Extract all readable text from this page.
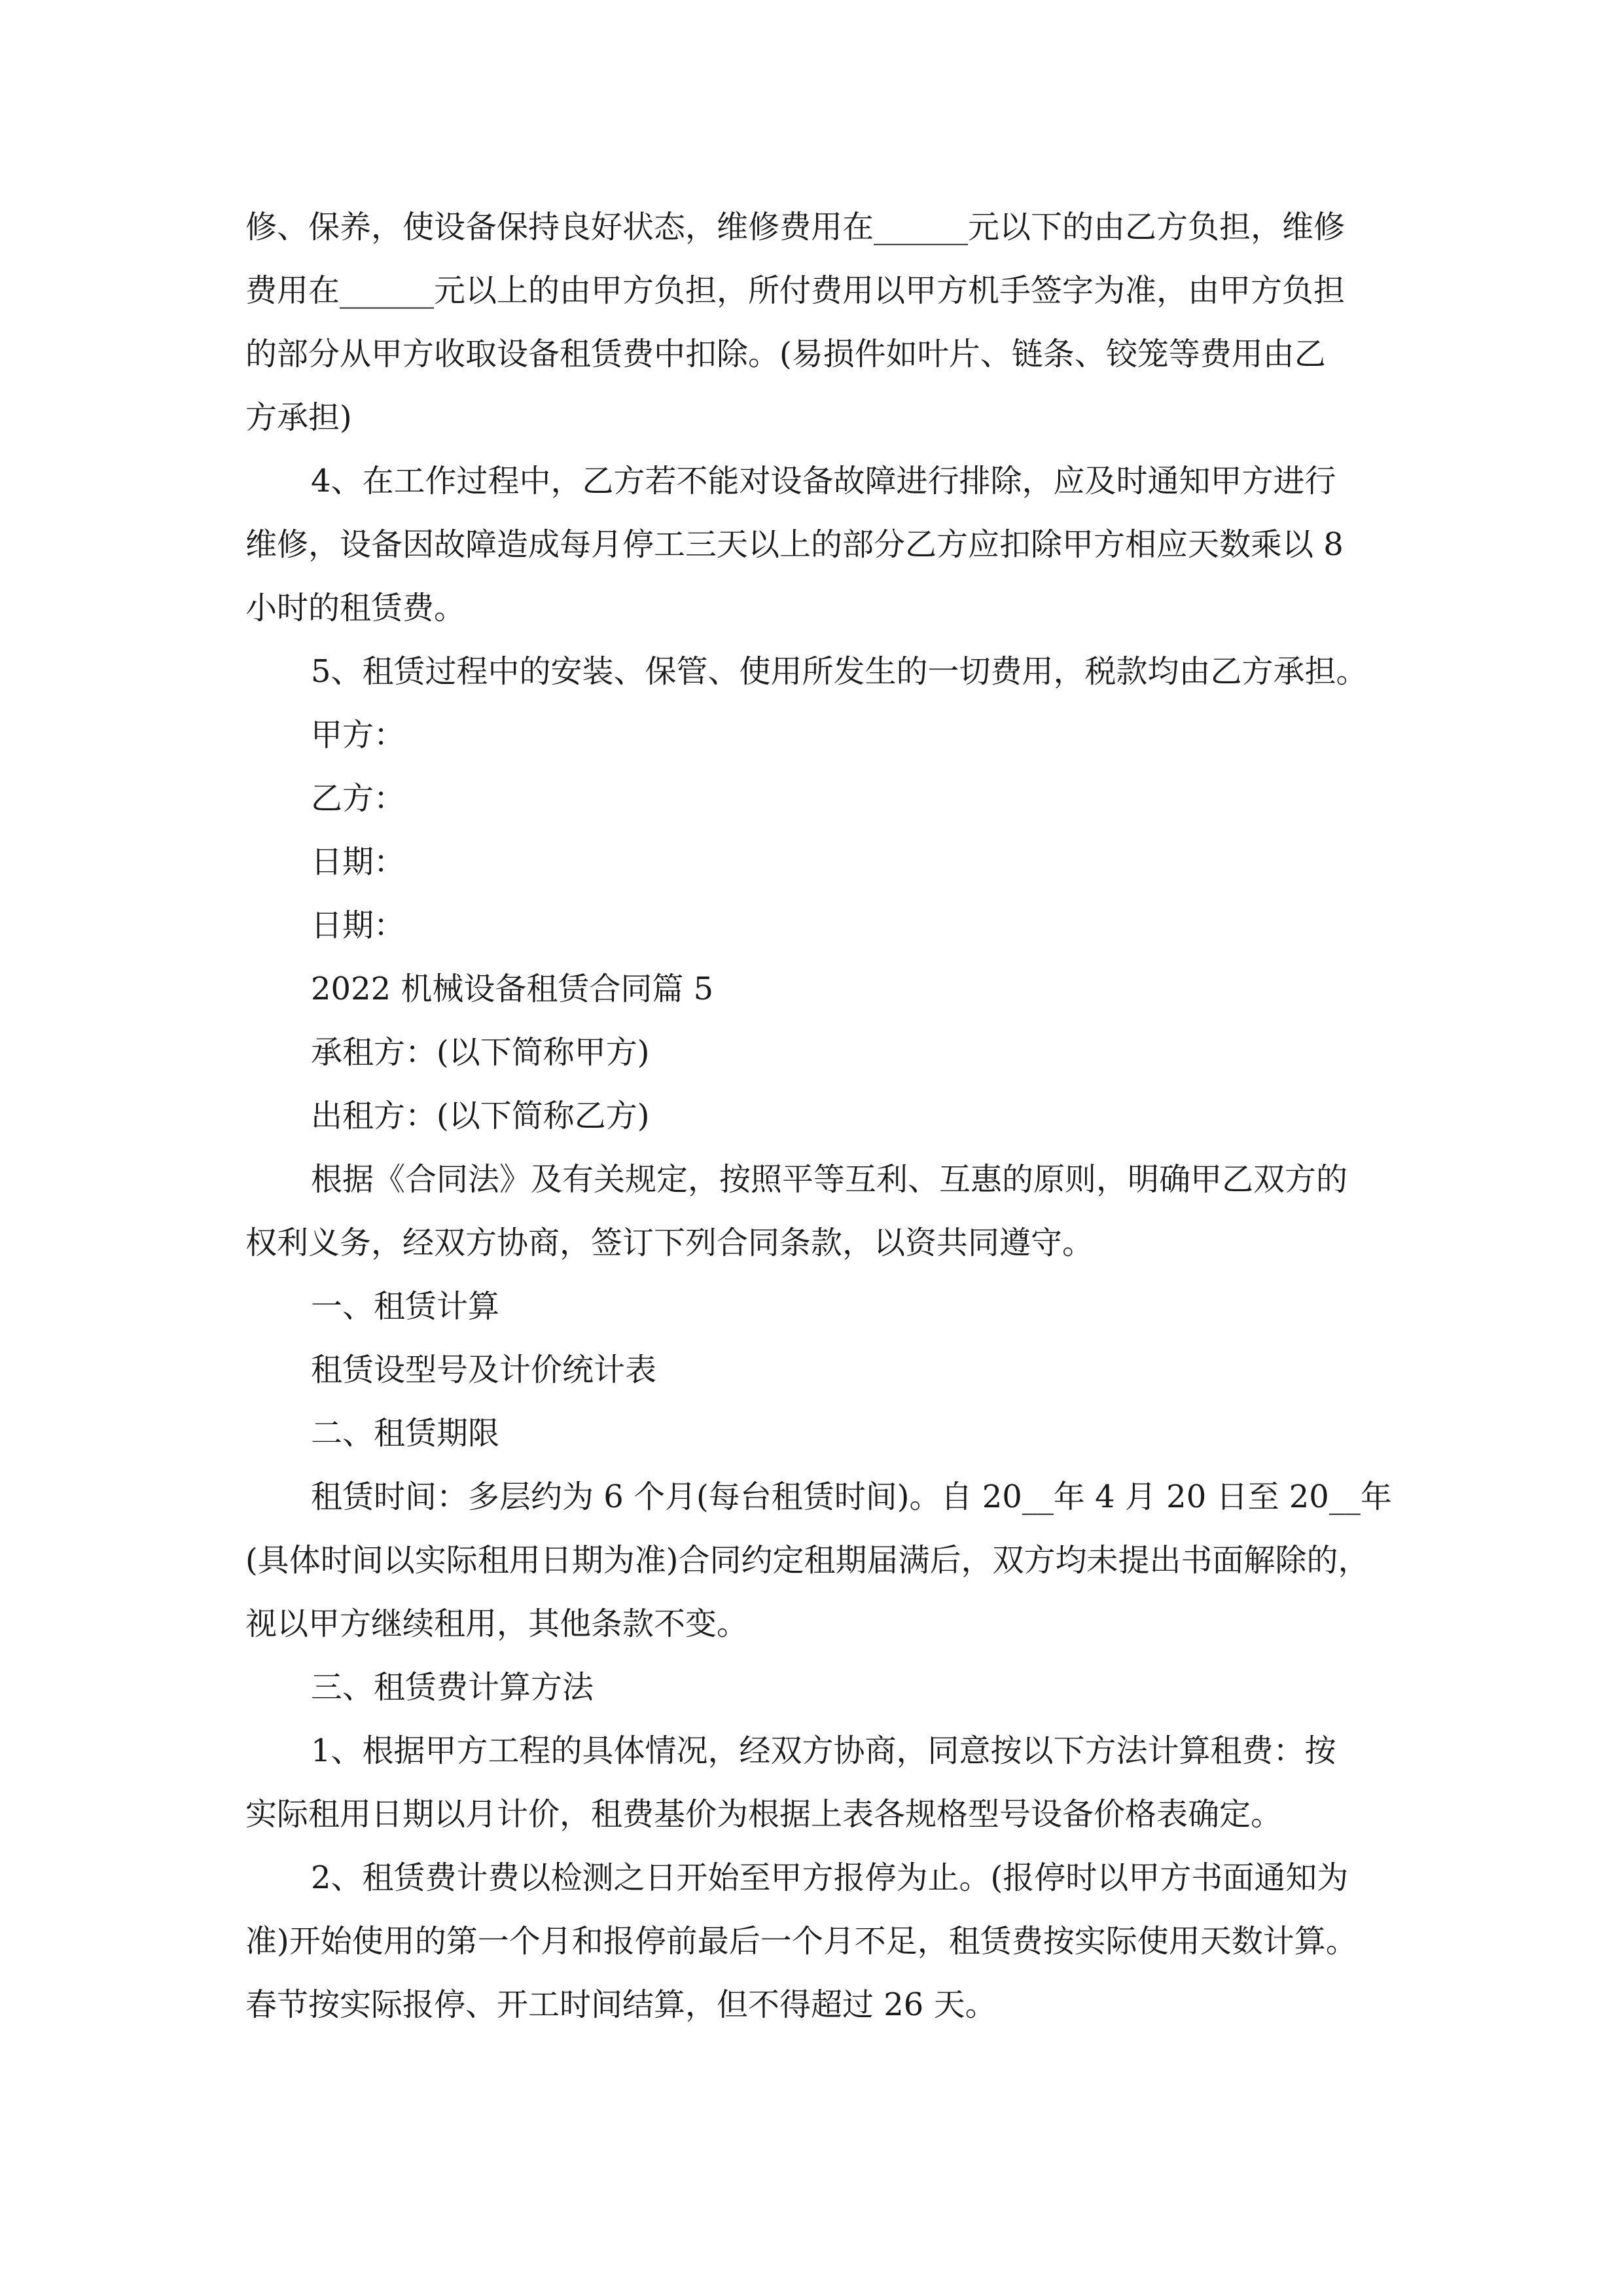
修、保养，使设备保持良好状态，维修费用在______元以下的由乙方负担，维修
费用在______元以上的由甲方负担，所付费用以甲方机手签字为准，由甲方负担
的部分从甲方收取设备租赁费中扣除。(易损件如叶片、链条、铰笼等费用由乙
方承担)
4、在工作过程中，乙方若不能对设备故障进行排除，应及时通知甲方进行
维修，设备因故障造成每月停工三天以上的部分乙方应扣除甲方相应天数乘以 8
小时的租赁费。
5、租赁过程中的安装、保管、使用所发生的一切费用，税款均由乙方承担。
甲方：
乙方：
日期：
日期：
2022 机械设备租赁合同篇 5
承租方：(以下简称甲方)
出租方：(以下简称乙方)
根据《合同法》及有关规定，按照平等互利、互惠的原则，明确甲乙双方的
权利义务，经双方协商，签订下列合同条款，以资共同遵守。
一、租赁计算
租赁设型号及计价统计表
二、租赁期限
租赁时间：多层约为 6 个月(每台租赁时间)。自 20__年 4 月 20 日至 20__年
(具体时间以实际租用日期为准)合同约定租期届满后，双方均未提出书面解除的，
视以甲方继续租用，其他条款不变。
三、租赁费计算方法
1、根据甲方工程的具体情况，经双方协商，同意按以下方法计算租费：按
实际租用日期以月计价，租费基价为根据上表各规格型号设备价格表确定。
2、租赁费计费以检测之日开始至甲方报停为止。(报停时以甲方书面通知为
准)开始使用的第一个月和报停前最后一个月不足，租赁费按实际使用天数计算。
春节按实际报停、开工时间结算，但不得超过 26 天。
